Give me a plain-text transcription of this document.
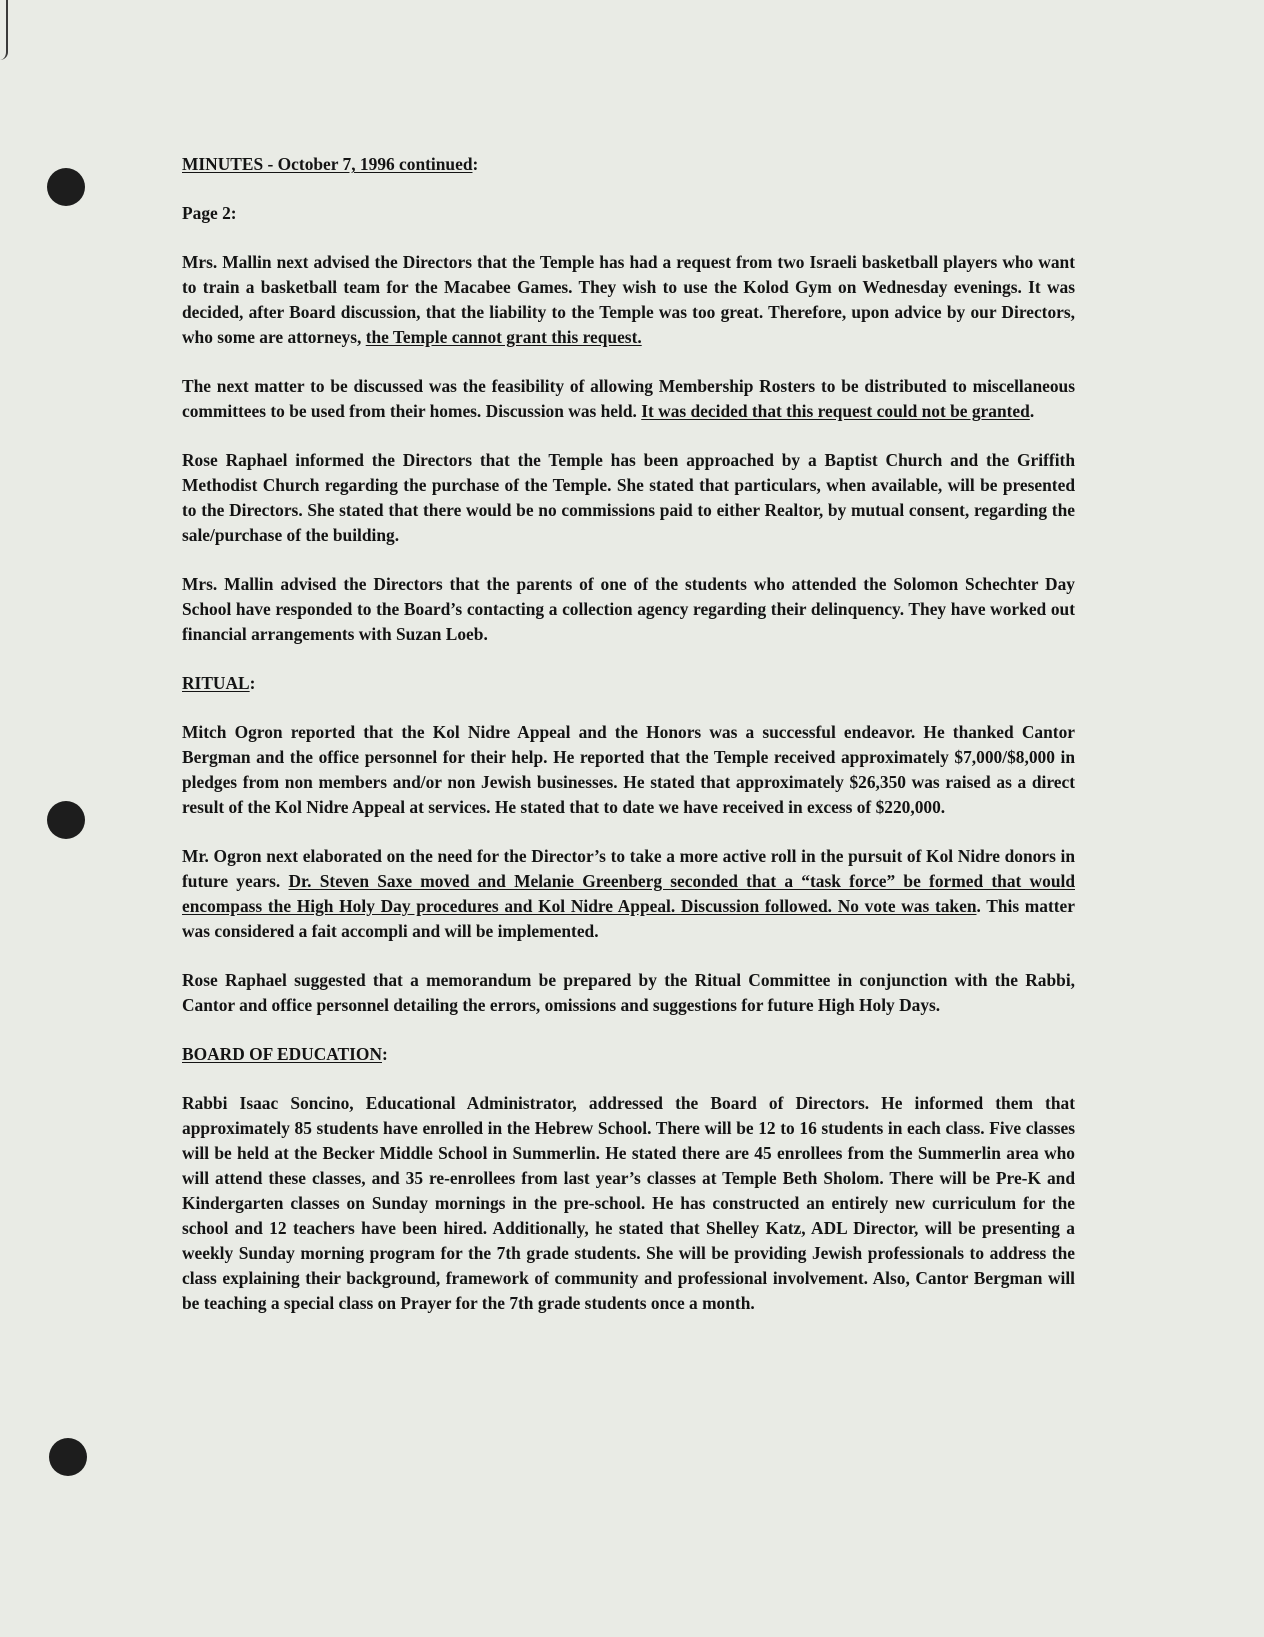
MINUTES - October 7, 1996 continued:

Page 2:

Mrs. Mallin next advised the Directors that the Temple has had a request from two Israeli basketball players who want to train a basketball team for the Macabee Games. They wish to use the Kolod Gym on Wednesday evenings. It was decided, after Board discussion, that the liability to the Temple was too great. Therefore, upon advice by our Directors, who some are attorneys, the Temple cannot grant this request.

The next matter to be discussed was the feasibility of allowing Membership Rosters to be distributed to miscellaneous committees to be used from their homes. Discussion was held. It was decided that this request could not be granted.

Rose Raphael informed the Directors that the Temple has been approached by a Baptist Church and the Griffith Methodist Church regarding the purchase of the Temple. She stated that particulars, when available, will be presented to the Directors. She stated that there would be no commissions paid to either Realtor, by mutual consent, regarding the sale/purchase of the building.

Mrs. Mallin advised the Directors that the parents of one of the students who attended the Solomon Schechter Day School have responded to the Board’s contacting a collection agency regarding their delinquency. They have worked out financial arrangements with Suzan Loeb.

RITUAL:

Mitch Ogron reported that the Kol Nidre Appeal and the Honors was a successful endeavor. He thanked Cantor Bergman and the office personnel for their help. He reported that the Temple received approximately $7,000/$8,000 in pledges from non members and/or non Jewish businesses. He stated that approximately $26,350 was raised as a direct result of the Kol Nidre Appeal at services. He stated that to date we have received in excess of $220,000.

Mr. Ogron next elaborated on the need for the Director’s to take a more active roll in the pursuit of Kol Nidre donors in future years. Dr. Steven Saxe moved and Melanie Greenberg seconded that a “task force” be formed that would encompass the High Holy Day procedures and Kol Nidre Appeal. Discussion followed. No vote was taken. This matter was considered a fait accompli and will be implemented.

Rose Raphael suggested that a memorandum be prepared by the Ritual Committee in conjunction with the Rabbi, Cantor and office personnel detailing the errors, omissions and suggestions for future High Holy Days.

BOARD OF EDUCATION:

Rabbi Isaac Soncino, Educational Administrator, addressed the Board of Directors. He informed them that approximately 85 students have enrolled in the Hebrew School. There will be 12 to 16 students in each class. Five classes will be held at the Becker Middle School in Summerlin. He stated there are 45 enrollees from the Summerlin area who will attend these classes, and 35 re-enrollees from last year’s classes at Temple Beth Sholom. There will be Pre-K and Kindergarten classes on Sunday mornings in the pre-school. He has constructed an entirely new curriculum for the school and 12 teachers have been hired. Additionally, he stated that Shelley Katz, ADL Director, will be presenting a weekly Sunday morning program for the 7th grade students. She will be providing Jewish professionals to address the class explaining their background, framework of community and professional involvement. Also, Cantor Bergman will be teaching a special class on Prayer for the 7th grade students once a month.
